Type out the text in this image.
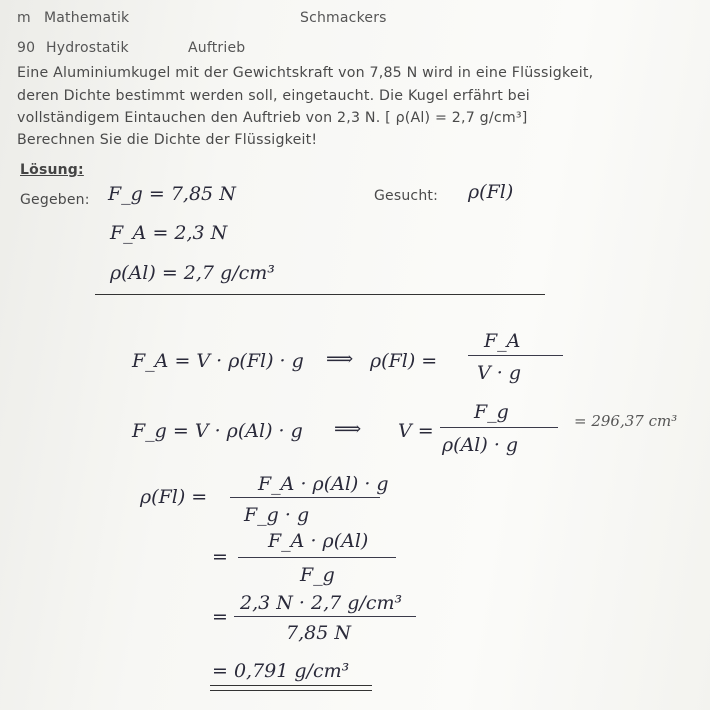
m Mathematik	Schmackers
90 Hydrostatik	Auftrieb
Eine Aluminiumkugel mit der Gewichtskraft von 7,85 N wird in eine Flüssigkeit,
deren Dichte bestimmt werden soll, eingetaucht. Die Kugel erfährt bei
vollständigem Eintauchen den Auftrieb von 2,3 N. [ ρ(Al) = 2,7 g/cm³]
Berechnen Sie die Dichte der Flüssigkeit!
Lösung:
Gegeben:	Gesucht:
F_g = 7,85 N
F_A = 2,3 N
ρ(Al) = 2,7 g/cm³
ρ(Fl)
F_A = V · ρ(Fl) · g ⟹ ρ(Fl) =
F_A
V · g
F_g = V · ρ(Al) · g ⟹ V =
F_g
ρ(Al) · g
= 296,37 cm³
ρ(Fl) =
F_A · ρ(Al) · g
F_g · g
=
F_A · ρ(Al)
F_g
=
2,3 N · 2,7 g/cm³
7,85 N
= 0,791 g/cm³
